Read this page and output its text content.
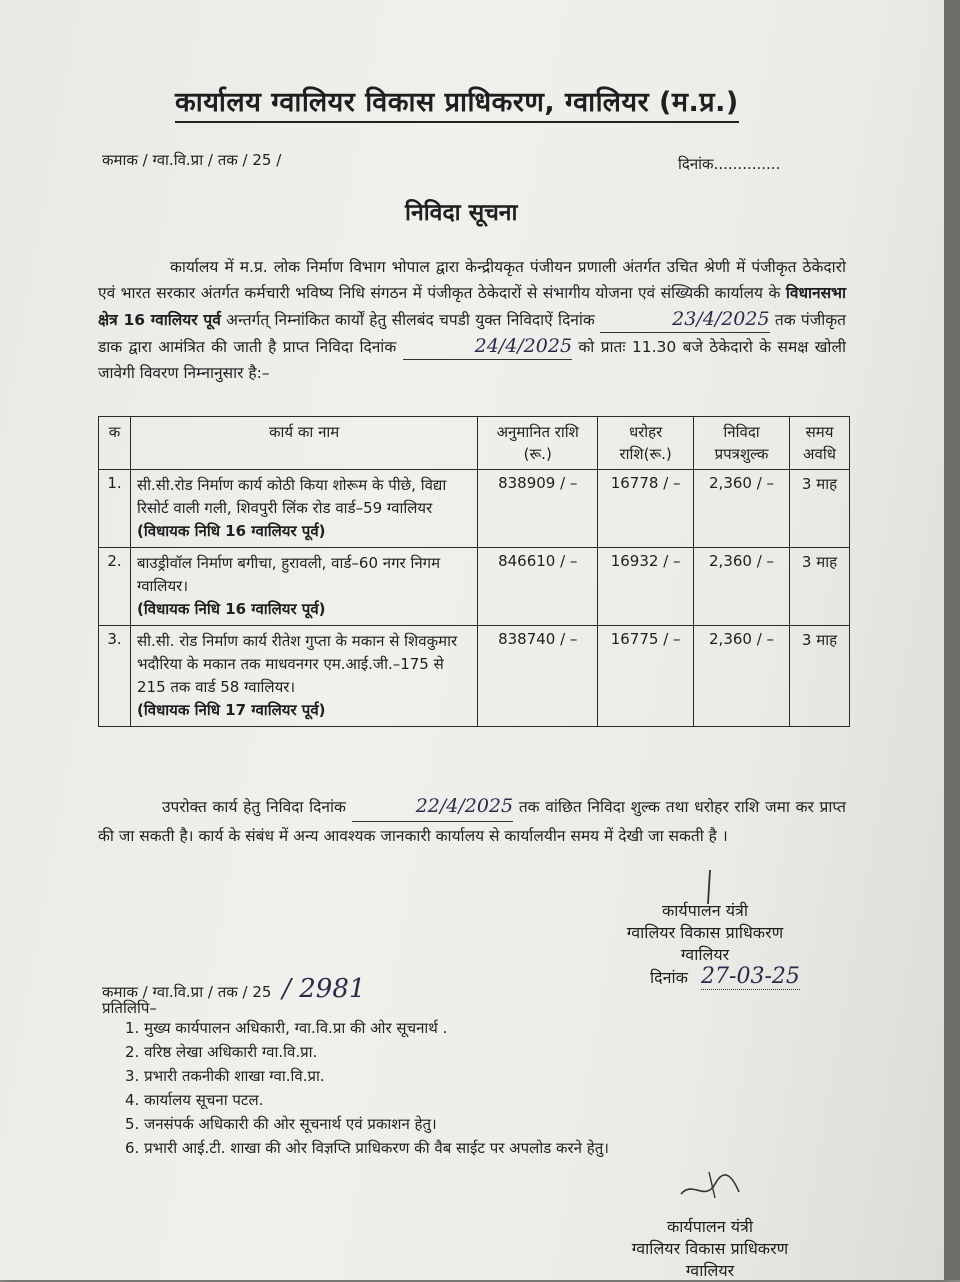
कार्यालय ग्वालियर विकास प्राधिकरण, ग्वालियर (म.प्र.)
कमाक / ग्वा.वि.प्रा / तक / 25 /	दिनांक..............
निविदा सूचना
कार्यालय में म.प्र. लोक निर्माण विभाग भोपाल द्वारा केन्द्रीयकृत पंजीयन प्रणाली अंतर्गत उचित श्रेणी में पंजीकृत ठेकेदारो एवं भारत सरकार अंतर्गत कर्मचारी भविष्य निधि संगठन में पंजीकृत ठेकेदारों से संभागीय योजना एवं संख्यिकी कार्यालय के विधानसभा क्षेत्र 16 ग्वालियर पूर्व अन्तर्गत् निम्नांकित कार्यों हेतु सीलबंद चपडी युक्त निविदाऐं दिनांक	23/4/2025 तक पंजीकृत डाक द्वारा आमंत्रित की जाती है प्राप्त निविदा दिनांक	24/4/2025 को प्रातः 11.30 बजे ठेकेदारो के समक्ष खोली जावेगी विवरण निम्नानुसार है:–
क	कार्य का नाम	अनुमानित राशि (रू.)	धरोहर राशि(रू.)	निविदा प्रपत्रशुल्क	समय अवधि
1.	सी.सी.रोड निर्माण कार्य कोठी किया शोरूम के पीछे, विद्या रिसोर्ट वाली गली, शिवपुरी लिंक रोड वार्ड–59 ग्वालियर
(विधायक निधि 16 ग्वालियर पूर्व)	838909 / –	16778 / –	2,360 / –	3 माह
2.	बाउड्रीवॉल निर्माण बगीचा, हुरावली, वार्ड–60 नगर निगम ग्वालियर।
(विधायक निधि 16 ग्वालियर पूर्व)	846610 / –	16932 / –	2,360 / –	3 माह
3.	सी.सी. रोड निर्माण कार्य रीतेश गुप्ता के मकान से शिवकुमार भदौरिया के मकान तक माधवनगर एम.आई.जी.–175 से 215 तक वार्ड 58 ग्वालियर।
(विधायक निधि 17 ग्वालियर पूर्व)	838740 / –	16775 / –	2,360 / –	3 माह
उपरोक्त कार्य हेतु निविदा दिनांक	22/4/2025 तक वांछित निविदा शुल्क तथा धरोहर राशि जमा कर प्राप्त की जा सकती है। कार्य के संबंध में अन्य आवश्यक जानकारी कार्यालय से कार्यालयीन समय में देखी जा सकती है ।
कार्यपालन यंत्री
ग्वालियर विकास प्राधिकरण
ग्वालियर
दिनांक 27-03-25
कमाक / ग्वा.वि.प्रा / तक / 25 / 2981
प्रतिलिपि–
1. मुख्य कार्यपालन अधिकारी, ग्वा.वि.प्रा की ओर सूचनार्थ .
2. वरिष्ठ लेखा अधिकारी ग्वा.वि.प्रा.
3. प्रभारी तकनीकी शाखा ग्वा.वि.प्रा.
4. कार्यालय सूचना पटल.
5. जनसंपर्क अधिकारी की ओर सूचनार्थ एवं प्रकाशन हेतु।
6. प्रभारी आई.टी. शाखा की ओर विज्ञप्ति प्राधिकरण की वैब साईट पर अपलोड करने हेतु।
कार्यपालन यंत्री
ग्वालियर विकास प्राधिकरण
ग्वालियर
